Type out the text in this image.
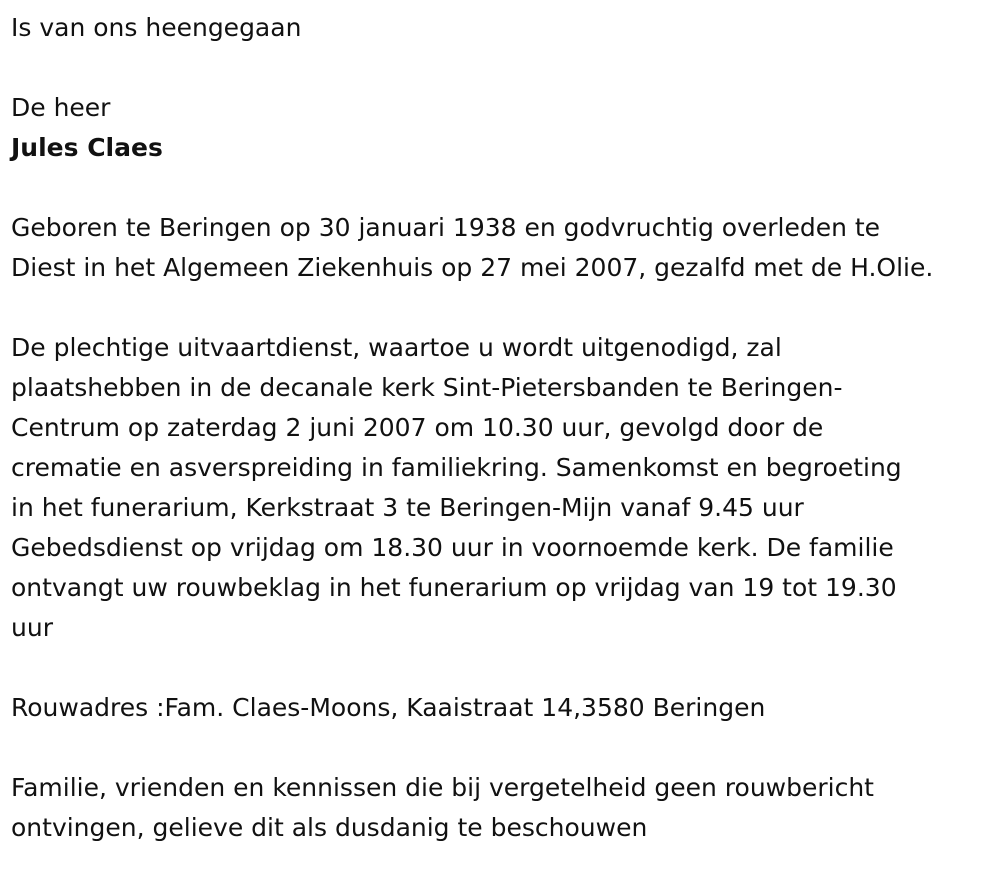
Is van ons heengegaan

De heer

Jules Claes

Geboren te Beringen op 30 januari 1938 en godvruchtig overleden te

Diest in het Algemeen Ziekenhuis op 27 mei 2007, gezalfd met de H.Olie.

De plechtige uitvaartdienst, waartoe u wordt uitgenodigd, zal

plaatshebben in de decanale kerk Sint-Pietersbanden te Beringen-

Centrum op zaterdag 2 juni 2007 om 10.30 uur, gevolgd door de

crematie en asverspreiding in familiekring. Samenkomst en begroeting

in het funerarium, Kerkstraat 3 te Beringen-Mijn vanaf 9.45 uur

Gebedsdienst op vrijdag om 18.30 uur in voornoemde kerk. De familie

ontvangt uw rouwbeklag in het funerarium op vrijdag van 19 tot 19.30

uur

Rouwadres :Fam. Claes-Moons, Kaaistraat 14,3580 Beringen

Familie, vrienden en kennissen die bij vergetelheid geen rouwbericht

ontvingen, gelieve dit als dusdanig te beschouwen
